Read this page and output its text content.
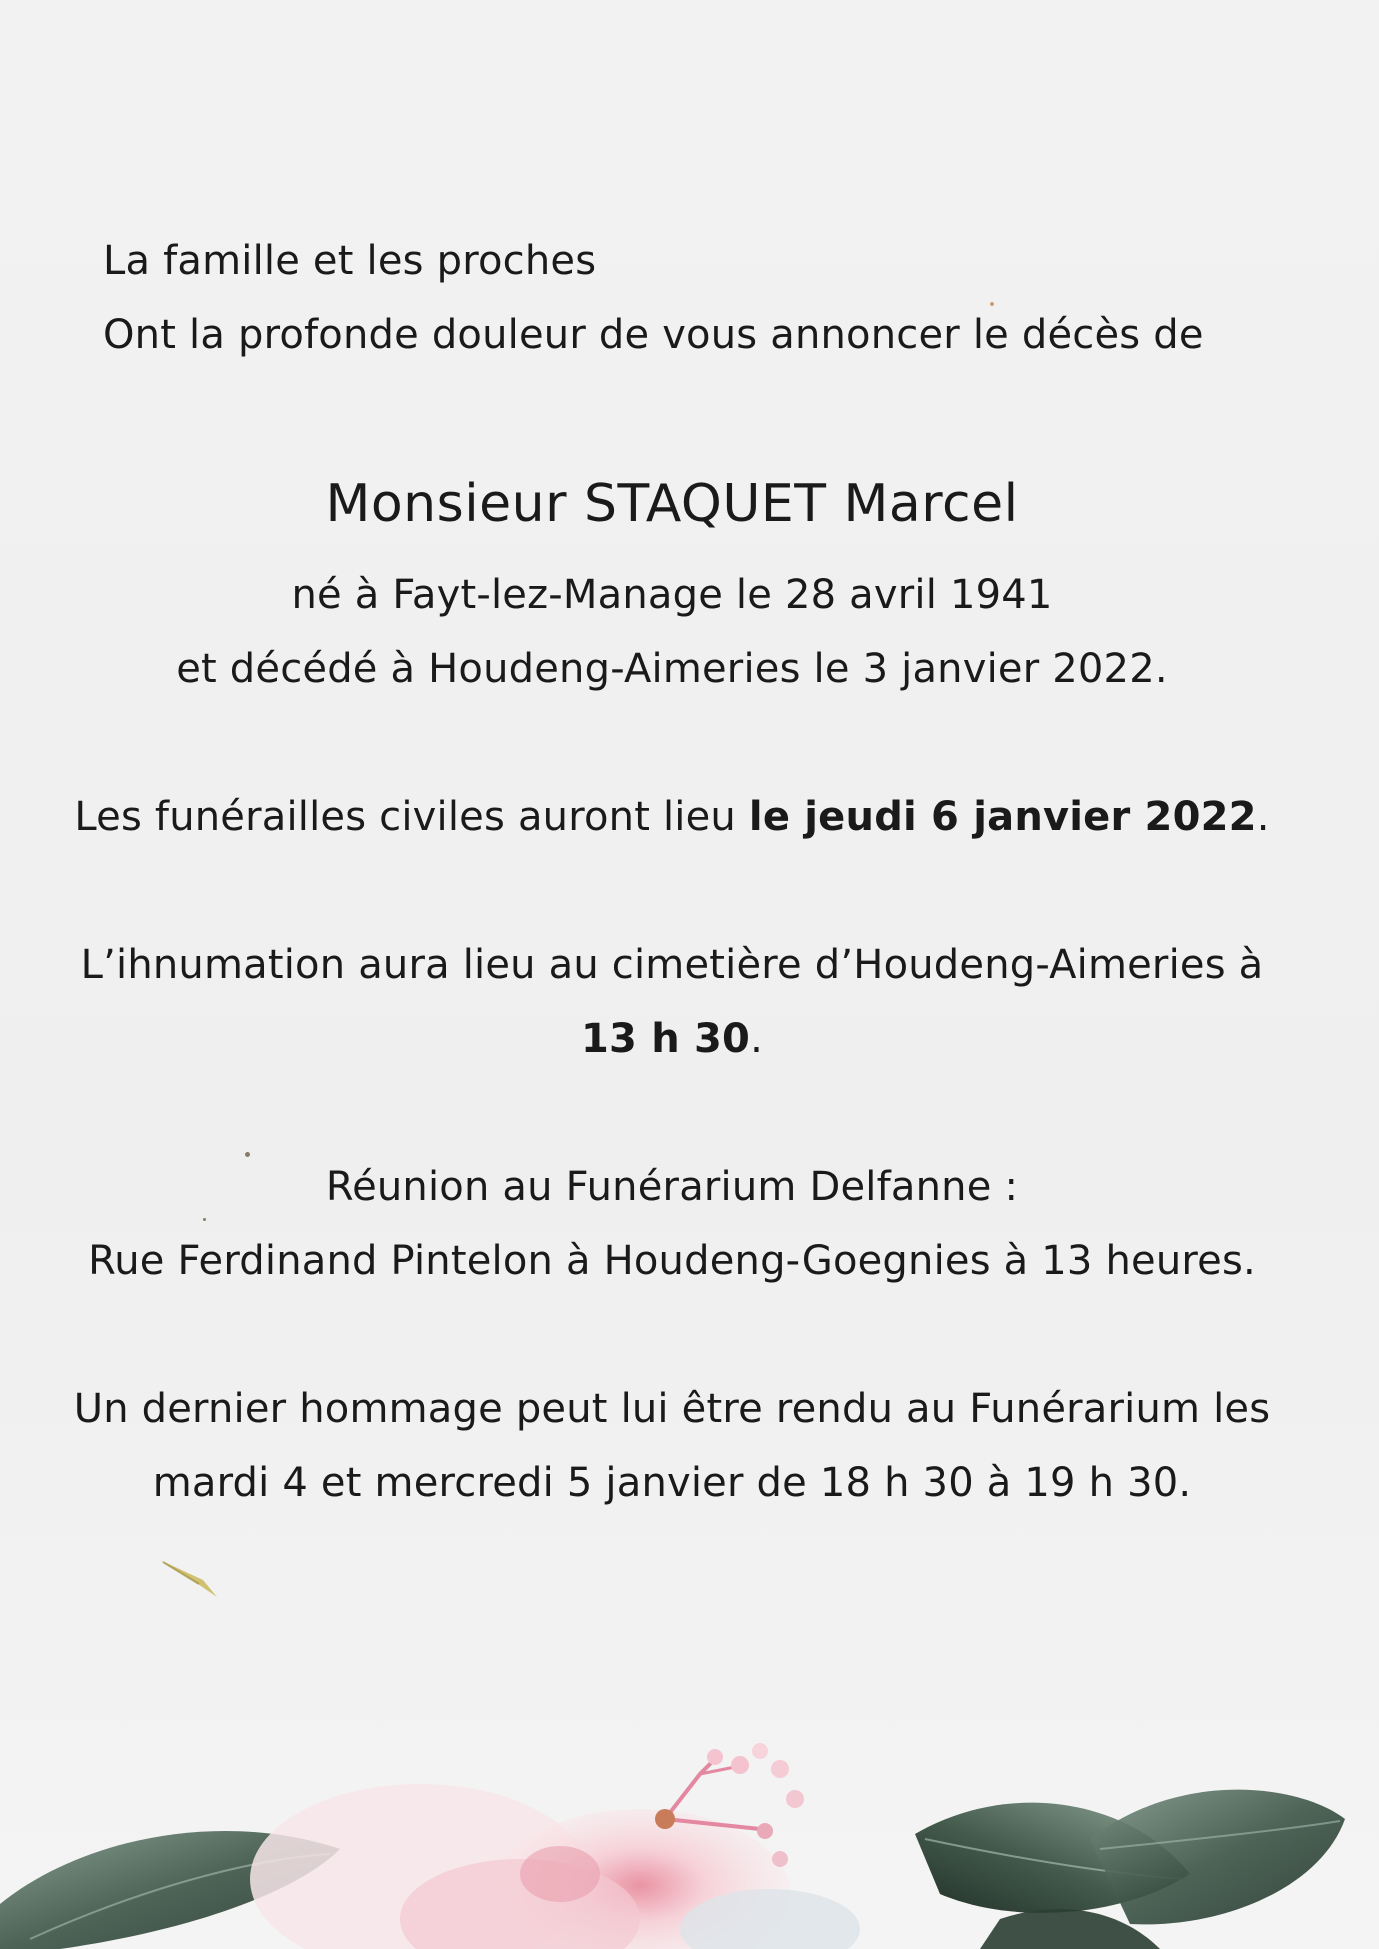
La famille et les proches
Ont la profonde douleur de vous annoncer le décès de
Monsieur STAQUET Marcel
né à Fayt-lez-Manage le 28 avril 1941
et décédé à Houdeng-Aimeries le 3 janvier 2022.
Les funérailles civiles auront lieu le jeudi 6 janvier 2022.
L’ihnumation aura lieu au cimetière d’Houdeng-Aimeries à
13 h 30.
Réunion au Funérarium Delfanne :
Rue Ferdinand Pintelon à Houdeng-Goegnies à 13 heures.
Un dernier hommage peut lui être rendu au Funérarium les
mardi 4 et mercredi 5 janvier de 18 h 30 à 19 h 30.
